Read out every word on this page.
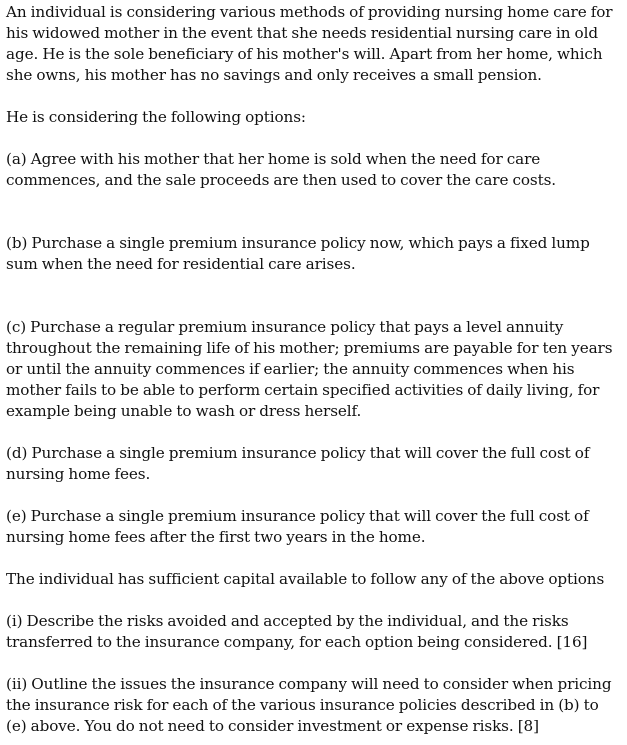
An individual is considering various methods of providing nursing home care for
his widowed mother in the event that she needs residential nursing care in old
age. He is the sole beneficiary of his mother's will. Apart from her home, which
she owns, his mother has no savings and only receives a small pension.
He is considering the following options:
(a) Agree with his mother that her home is sold when the need for care
commences, and the sale proceeds are then used to cover the care costs.
(b) Purchase a single premium insurance policy now, which pays a fixed lump
sum when the need for residential care arises.
(c) Purchase a regular premium insurance policy that pays a level annuity
throughout the remaining life of his mother; premiums are payable for ten years
or until the annuity commences if earlier; the annuity commences when his
mother fails to be able to perform certain specified activities of daily living, for
example being unable to wash or dress herself.
(d) Purchase a single premium insurance policy that will cover the full cost of
nursing home fees.
(e) Purchase a single premium insurance policy that will cover the full cost of
nursing home fees after the first two years in the home.
The individual has sufficient capital available to follow any of the above options
(i) Describe the risks avoided and accepted by the individual, and the risks
transferred to the insurance company, for each option being considered. [16]
(ii) Outline the issues the insurance company will need to consider when pricing
the insurance risk for each of the various insurance policies described in (b) to
(e) above. You do not need to consider investment or expense risks. [8]
